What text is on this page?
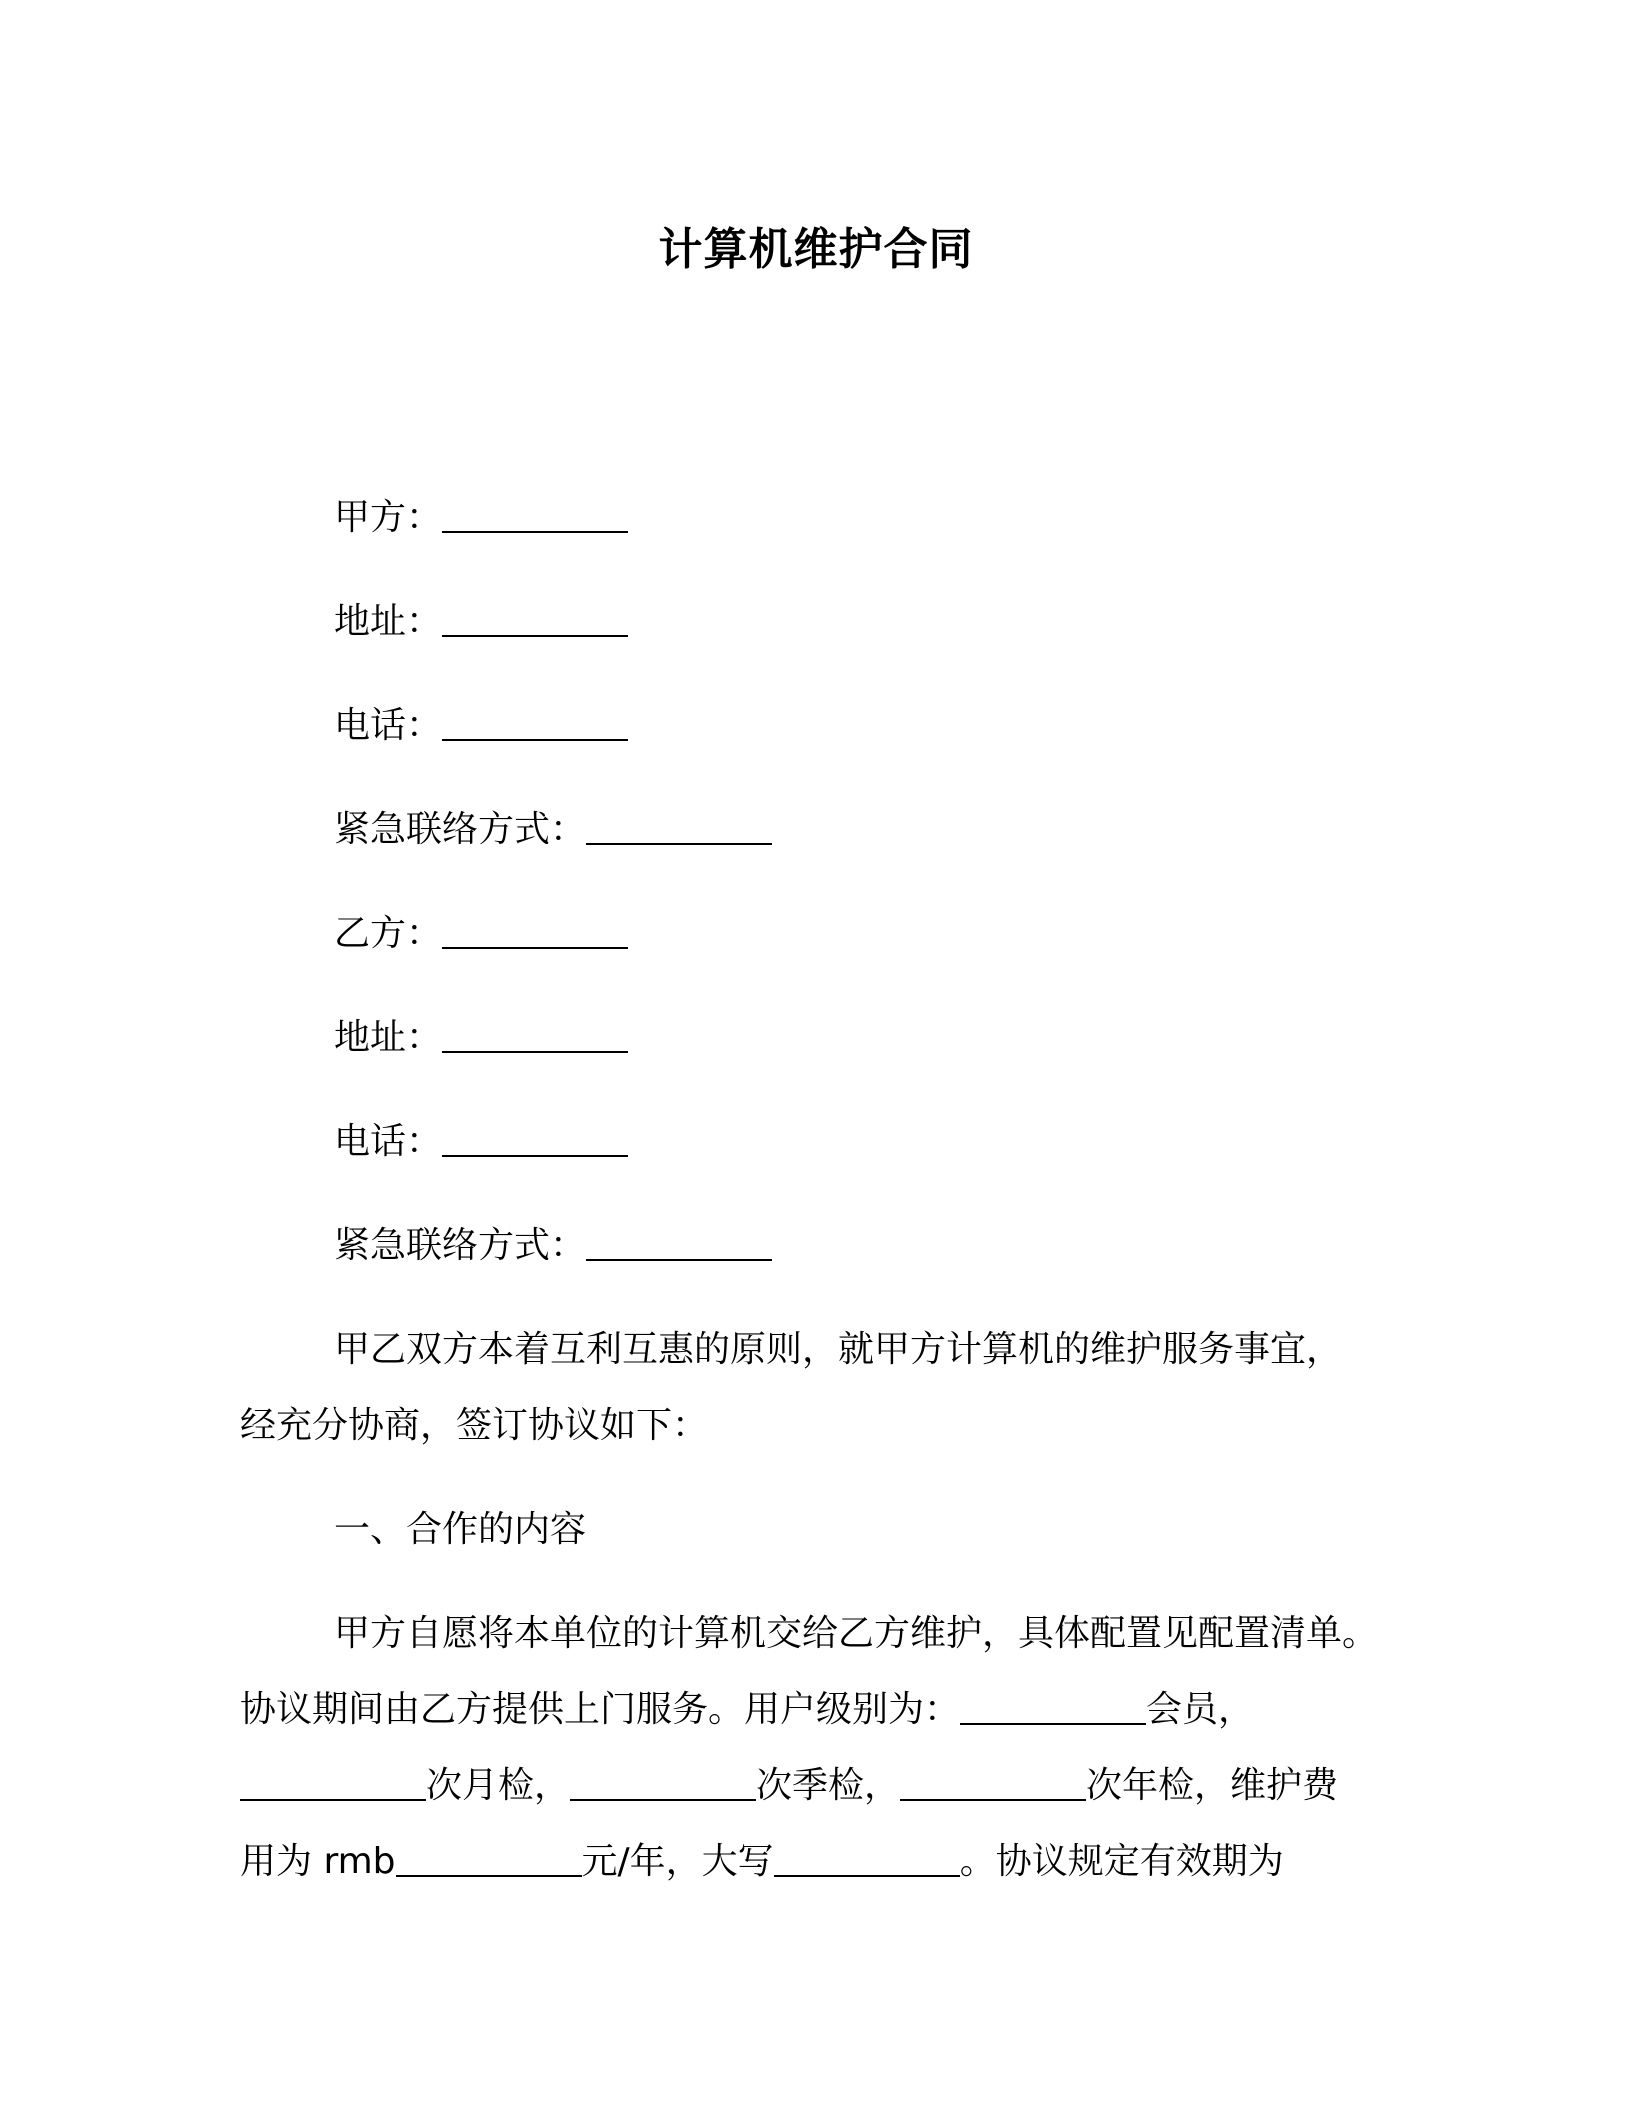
计算机维护合同
甲方：
地址：
电话：
紧急联络方式：
乙方：
地址：
电话：
紧急联络方式：
甲乙双方本着互利互惠的原则，就甲方计算机的维护服务事宜，
经充分协商，签订协议如下：
一、合作的内容
甲方自愿将本单位的计算机交给乙方维护，具体配置见配置清单。
协议期间由乙方提供上门服务。用户级别为：	会员，
次月检，	次季检，	次年检，维护费
用为 rmb	元/年，大写	。协议规定有效期为
